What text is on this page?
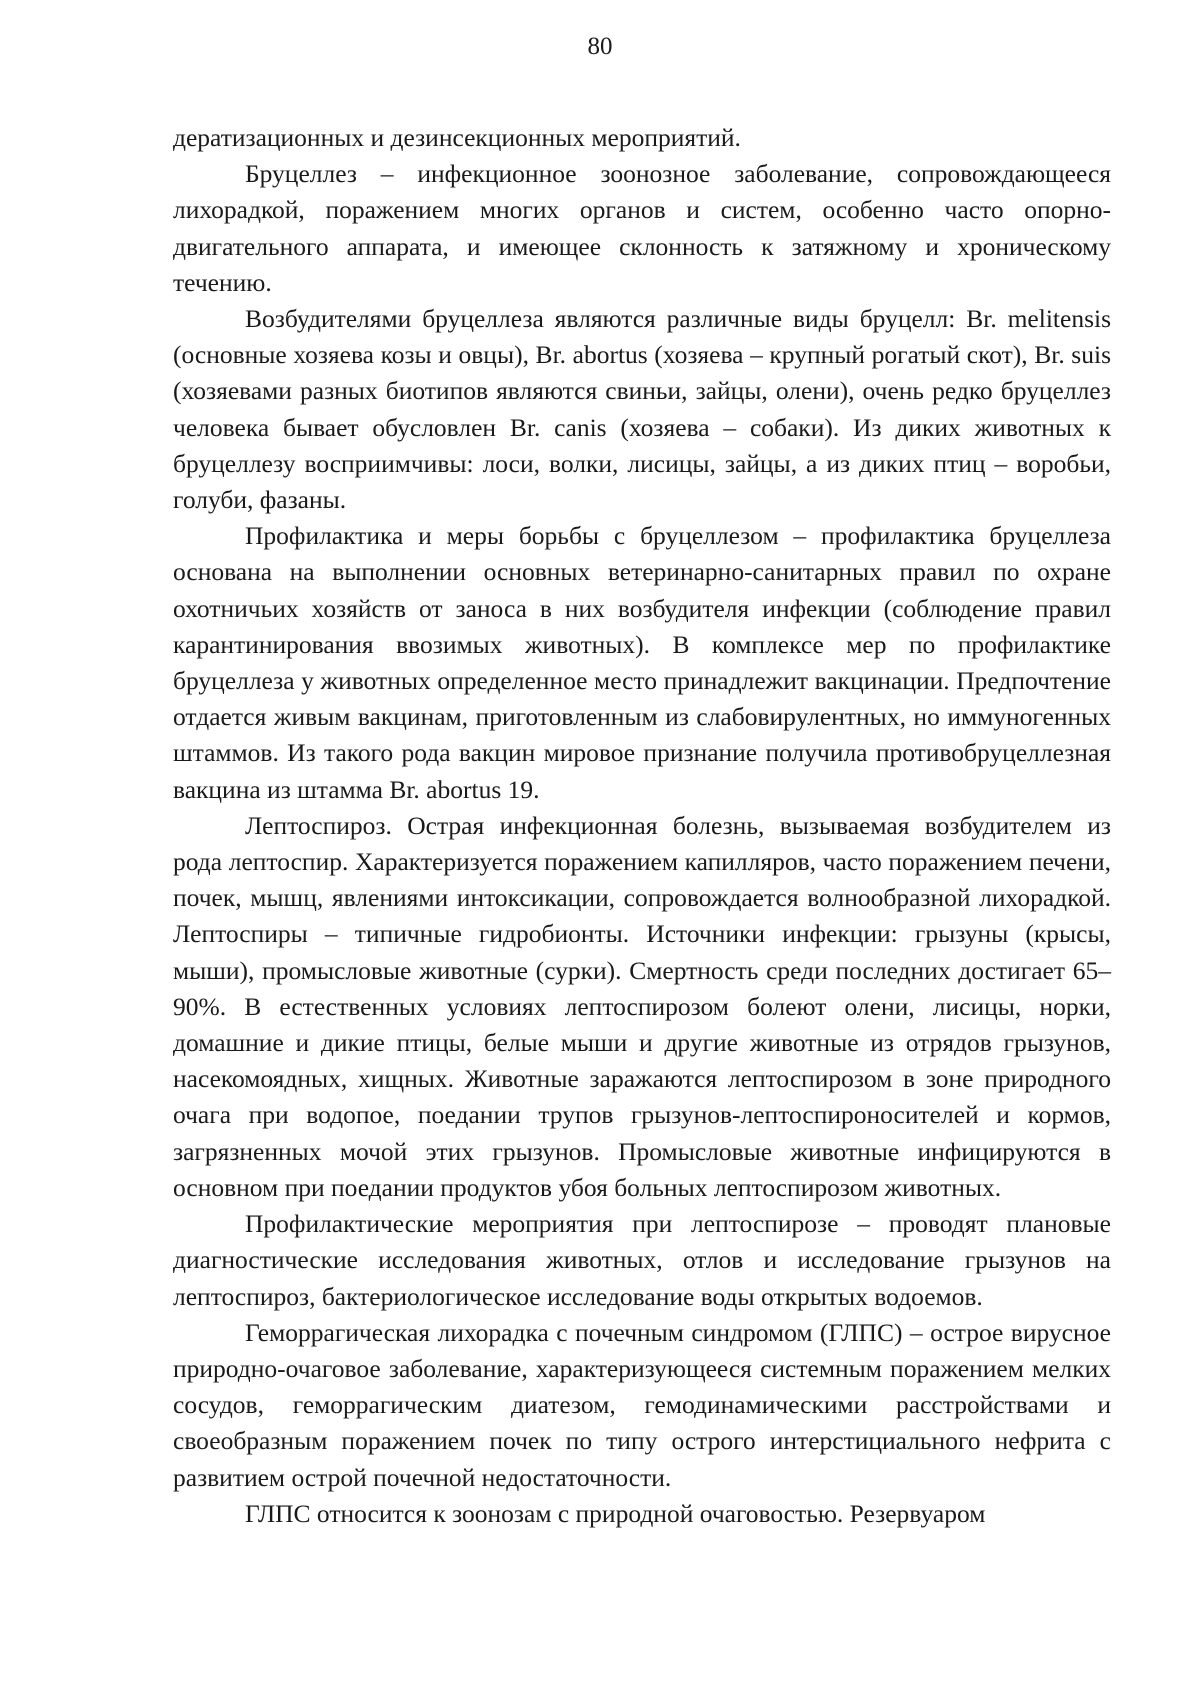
80

дератизационных и дезинсекционных мероприятий.

Бруцеллез – инфекционное зоонозное заболевание, сопровождающееся лихорадкой, поражением многих органов и систем, особенно часто опорно-двигательного аппарата, и имеющее склонность к затяжному и хроническому течению.

Возбудителями бруцеллеза являются различные виды бруцелл: Br. melitensis (основные хозяева козы и овцы), Br. abortus (хозяева – крупный рогатый скот), Br. suis (хозяевами разных биотипов являются свиньи, зайцы, олени), очень редко бруцеллез человека бывает обусловлен Br. canis (хозяева – собаки). Из диких животных к бруцеллезу восприимчивы: лоси, волки, лисицы, зайцы, а из диких птиц – воробьи, голуби, фазаны.

Профилактика и меры борьбы с бруцеллезом – профилактика бруцеллеза основана на выполнении основных ветеринарно-санитарных правил по охране охотничьих хозяйств от заноса в них возбудителя инфекции (соблюдение правил карантинирования ввозимых животных). В комплексе мер по профилактике бруцеллеза у животных определенное место принадлежит вакцинации. Предпочтение отдается живым вакцинам, приготовленным из слабовирулентных, но иммуногенных штаммов. Из такого рода вакцин мировое признание получила противобруцеллезная вакцина из штамма Br. abortus 19.

Лептоспироз. Острая инфекционная болезнь, вызываемая возбудителем из рода лептоспир. Характеризуется поражением капилляров, часто поражением печени, почек, мышц, явлениями интоксикации, сопровождается волнообразной лихорадкой. Лептоспиры – типичные гидробионты. Источники инфекции: грызуны (крысы, мыши), промысловые животные (сурки). Смертность среди последних достигает 65–90%. В естественных условиях лептоспирозом болеют олени, лисицы, норки, домашние и дикие птицы, белые мыши и другие животные из отрядов грызунов, насекомоядных, хищных. Животные заражаются лептоспирозом в зоне природного очага при водопое, поедании трупов грызунов-лептоспироносителей и кормов, загрязненных мочой этих грызунов. Промысловые животные инфицируются в основном при поедании продуктов убоя больных лептоспирозом животных.

Профилактические мероприятия при лептоспирозе – проводят плановые диагностические исследования животных, отлов и исследование грызунов на лептоспироз, бактериологическое исследование воды открытых водоемов.

Геморрагическая лихорадка с почечным синдромом (ГЛПС) – острое вирусное природно-очаговое заболевание, характеризующееся системным поражением мелких сосудов, геморрагическим диатезом, гемодинамическими расстройствами и своеобразным поражением почек по типу острого интерстициального нефрита с развитием острой почечной недостаточности.

ГЛПС относится к зоонозам с природной очаговостью. Резервуаром
